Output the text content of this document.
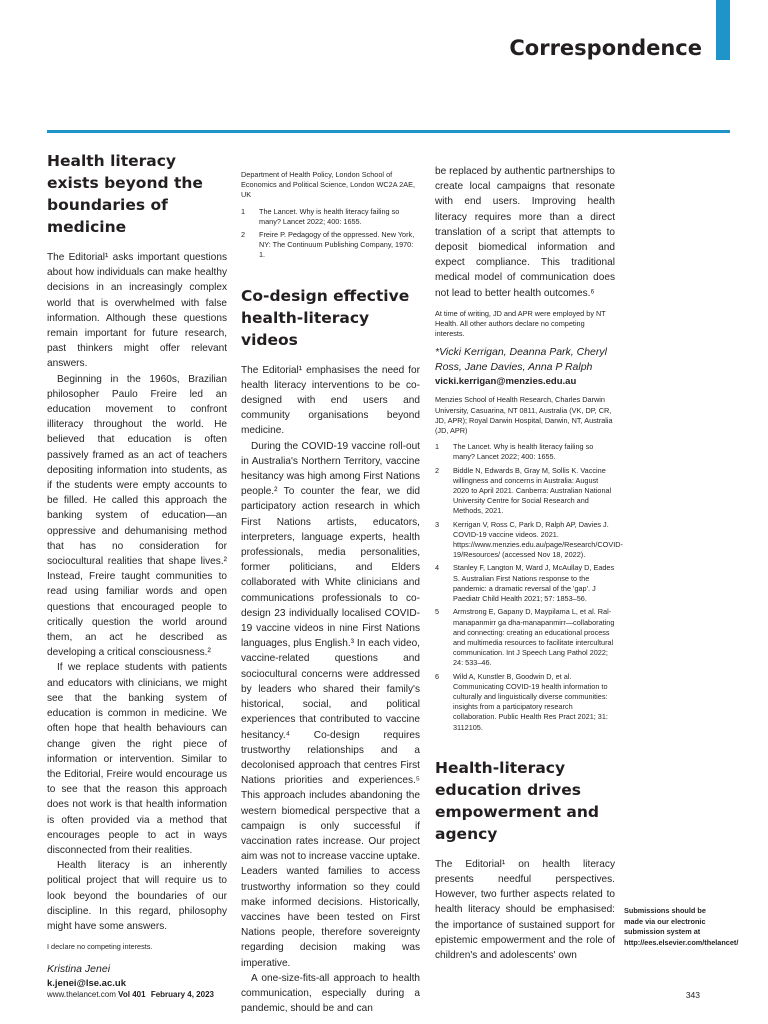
Correspondence
Health literacy exists beyond the boundaries of medicine

The Editorial¹ asks important questions about how individuals can make healthy decisions in an increasingly complex world that is overwhelmed with false information. Although these questions remain important for future research, past thinkers might offer relevant answers.

Beginning in the 1960s, Brazilian philosopher Paulo Freire led an education movement to confront illiteracy throughout the world. He believed that education is often passively framed as an act of teachers depositing information into students, as if the students were empty accounts to be filled. He called this approach the banking system of education—an oppressive and dehumanising method that has no consideration for sociocultural realities that shape lives.² Instead, Freire taught communities to read using familiar words and open questions that encouraged people to critically question the world around them, an act he described as developing a critical consciousness.²

If we replace students with patients and educators with clinicians, we might see that the banking system of education is common in medicine. We often hope that health behaviours can change given the right piece of information or intervention. Similar to the Editorial, Freire would encourage us to see that the reason this approach does not work is that health information is often provided via a method that encourages people to act in ways disconnected from their realities.

Health literacy is an inherently political project that will require us to look beyond the boundaries of our discipline. In this regard, philosophy might have some answers.

I declare no competing interests.
Kristina Jenei
k.jenei@lse.ac.uk
Department of Health Policy, London School of Economics and Political Science, London WC2A 2AE, UK
1	The Lancet. Why is health literacy failing so many? Lancet 2022; 400: 1655.
2	Freire P. Pedagogy of the oppressed. New York, NY: The Continuum Publishing Company, 1970: 1.
Co-design effective health-literacy videos

The Editorial¹ emphasises the need for health literacy interventions to be co-designed with end users and community organisations beyond medicine.

During the COVID-19 vaccine roll-out in Australia's Northern Territory, vaccine hesitancy was high among First Nations people.² To counter the fear, we did participatory action research in which First Nations artists, educators, interpreters, language experts, health professionals, media personalities, former politicians, and Elders collaborated with White clinicians and communications professionals to co-design 23 individually localised COVID-19 vaccine videos in nine First Nations languages, plus English.³ In each video, vaccine-related questions and sociocultural concerns were addressed by leaders who shared their family's historical, social, and political experiences that contributed to vaccine hesitancy.⁴ Co-design requires trustworthy relationships and a decolonised approach that centres First Nations priorities and experiences.⁵ This approach includes abandoning the western biomedical perspective that a campaign is only successful if vaccination rates increase. Our project aim was not to increase vaccine uptake. Leaders wanted families to access trustworthy information so they could make informed decisions. Historically, vaccines have been tested on First Nations people, therefore sovereignty regarding decision making was imperative.

A one-size-fits-all approach to health communication, especially during a pandemic, should be and can

be replaced by authentic partnerships to create local campaigns that resonate with end users. Improving health literacy requires more than a direct translation of a script that attempts to deposit biomedical information and expect compliance. This traditional medical model of communication does not lead to better health outcomes.⁶

At time of writing, JD and APR were employed by NT Health. All other authors declare no competing interests.
*Vicki Kerrigan, Deanna Park, Cheryl Ross, Jane Davies, Anna P Ralph
vicki.kerrigan@menzies.edu.au
Menzies School of Health Research, Charles Darwin University, Casuarina, NT 0811, Australia (VK, DP, CR, JD, APR); Royal Darwin Hospital, Darwin, NT, Australia (JD, APR)
1	The Lancet. Why is health literacy failing so many? Lancet 2022; 400: 1655.
2	Biddle N, Edwards B, Gray M, Sollis K. Vaccine willingness and concerns in Australia: August 2020 to April 2021. Canberra: Australian National University Centre for Social Research and Methods, 2021.
3	Kerrigan V, Ross C, Park D, Ralph AP, Davies J. COVID-19 vaccine videos. 2021. https://www.menzies.edu.au/page/Research/COVID-19/Resources/ (accessed Nov 18, 2022).
4	Stanley F, Langton M, Ward J, McAullay D, Eades S. Australian First Nations response to the pandemic: a dramatic reversal of the 'gap'. J Paediatr Child Health 2021; 57: 1853–56.
5	Armstrong E, Gapany D, Maypilama L, et al. Ral-manapanmirr ga dha-manapanmirr—collaborating and connecting: creating an educational process and multimedia resources to facilitate intercultural communication. Int J Speech Lang Pathol 2022; 24: 533–46.
6	Wild A, Kunstler B, Goodwin D, et al. Communicating COVID-19 health information to culturally and linguistically diverse communities: insights from a participatory research collaboration. Public Health Res Pract 2021; 31: 3112105.
Health-literacy education drives empowerment and agency

The Editorial¹ on health literacy presents needful perspectives. However, two further aspects related to health literacy should be emphasised: the importance of sustained support for epistemic empowerment and the role of children's and adolescents' own

Submissions should be made via our electronic submission system at http://ees.elsevier.com/thelancet/
www.thelancet.com Vol 401 February 4, 2023	343
